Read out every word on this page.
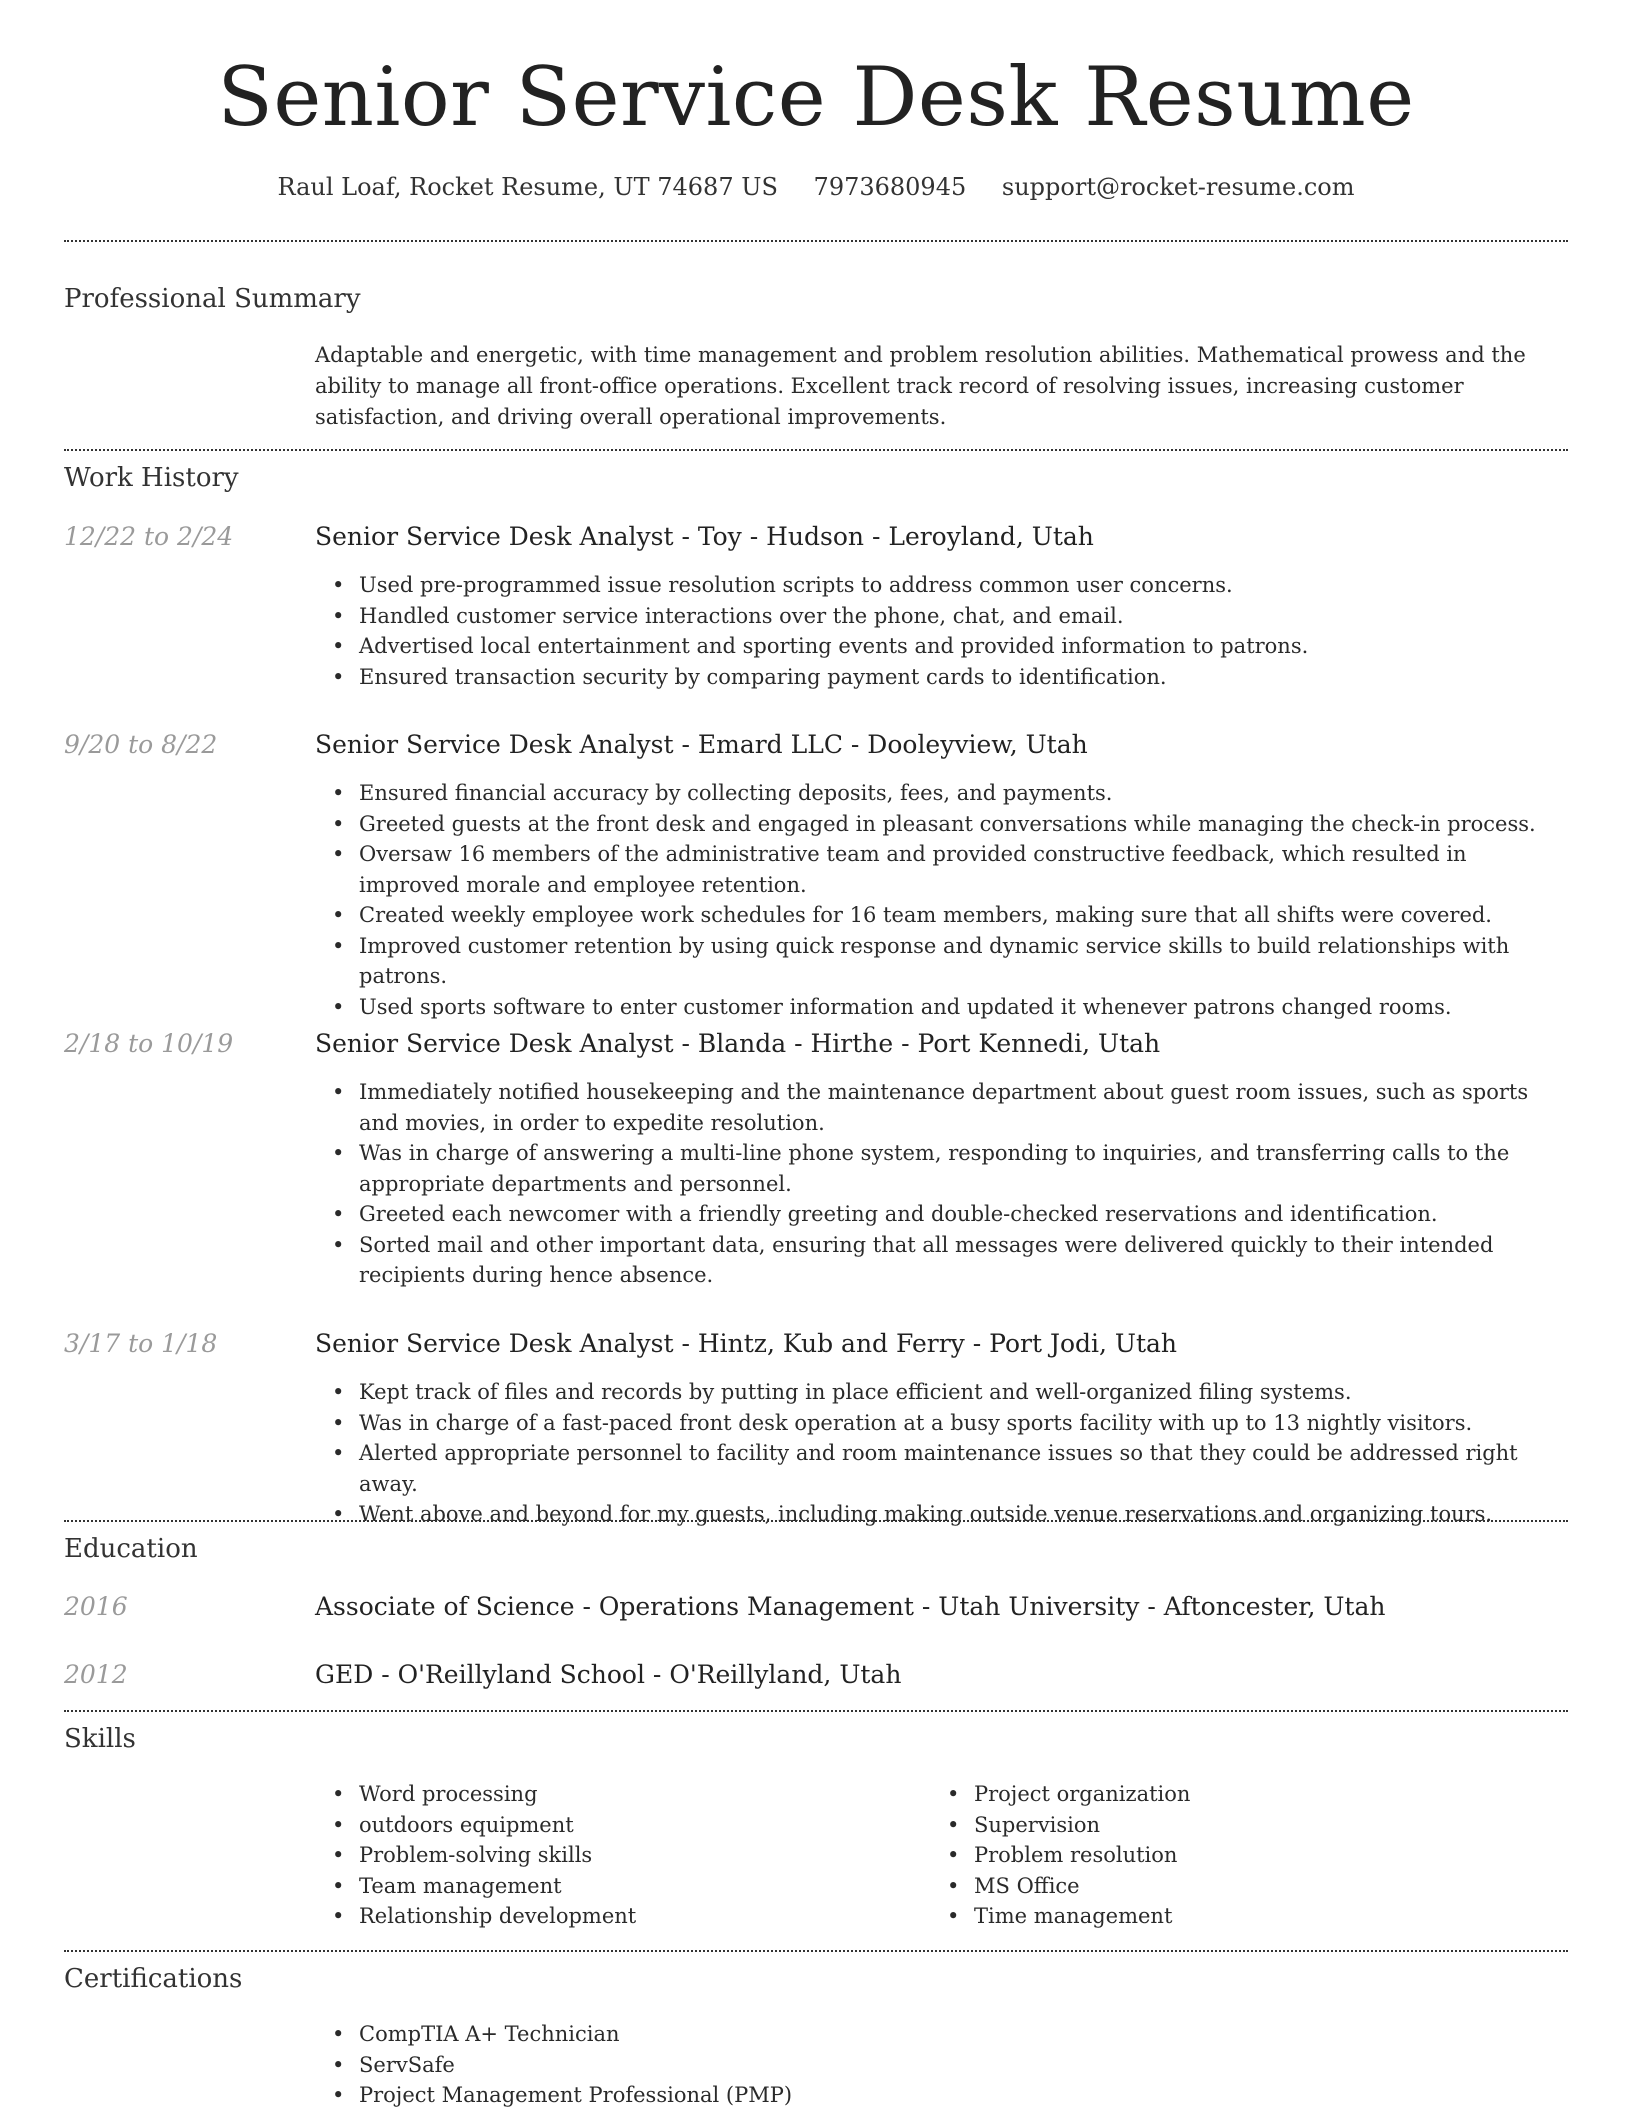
Senior Service Desk Resume
Raul Loaf, Rocket Resume, UT 74687 US 7973680945 support@rocket-resume.com
Professional Summary
Adaptable and energetic, with time management and problem resolution abilities. Mathematical prowess and the ability to manage all front-office operations. Excellent track record of resolving issues, increasing customer satisfaction, and driving overall operational improvements.
Work History
12/22 to 2/24	Senior Service Desk Analyst - Toy - Hudson - Leroyland, Utah
• Used pre-programmed issue resolution scripts to address common user concerns.
• Handled customer service interactions over the phone, chat, and email.
• Advertised local entertainment and sporting events and provided information to patrons.
• Ensured transaction security by comparing payment cards to identification.
9/20 to 8/22	Senior Service Desk Analyst - Emard LLC - Dooleyview, Utah
• Ensured financial accuracy by collecting deposits, fees, and payments.
• Greeted guests at the front desk and engaged in pleasant conversations while managing the check-in process.
• Oversaw 16 members of the administrative team and provided constructive feedback, which resulted in improved morale and employee retention.
• Created weekly employee work schedules for 16 team members, making sure that all shifts were covered.
• Improved customer retention by using quick response and dynamic service skills to build relationships with patrons.
• Used sports software to enter customer information and updated it whenever patrons changed rooms.
2/18 to 10/19	Senior Service Desk Analyst - Blanda - Hirthe - Port Kennedi, Utah
• Immediately notified housekeeping and the maintenance department about guest room issues, such as sports and movies, in order to expedite resolution.
• Was in charge of answering a multi-line phone system, responding to inquiries, and transferring calls to the appropriate departments and personnel.
• Greeted each newcomer with a friendly greeting and double-checked reservations and identification.
• Sorted mail and other important data, ensuring that all messages were delivered quickly to their intended recipients during hence absence.
3/17 to 1/18	Senior Service Desk Analyst - Hintz, Kub and Ferry - Port Jodi, Utah
• Kept track of files and records by putting in place efficient and well-organized filing systems.
• Was in charge of a fast-paced front desk operation at a busy sports facility with up to 13 nightly visitors.
• Alerted appropriate personnel to facility and room maintenance issues so that they could be addressed right away.
• Went above and beyond for my guests, including making outside venue reservations and organizing tours.
Education
2016	Associate of Science - Operations Management - Utah University - Aftoncester, Utah
2012	GED - O'Reillyland School - O'Reillyland, Utah
Skills
• Word processing
• outdoors equipment
• Problem-solving skills
• Team management
• Relationship development
• Project organization
• Supervision
• Problem resolution
• MS Office
• Time management
Certifications
• CompTIA A+ Technician
• ServSafe
• Project Management Professional (PMP)
